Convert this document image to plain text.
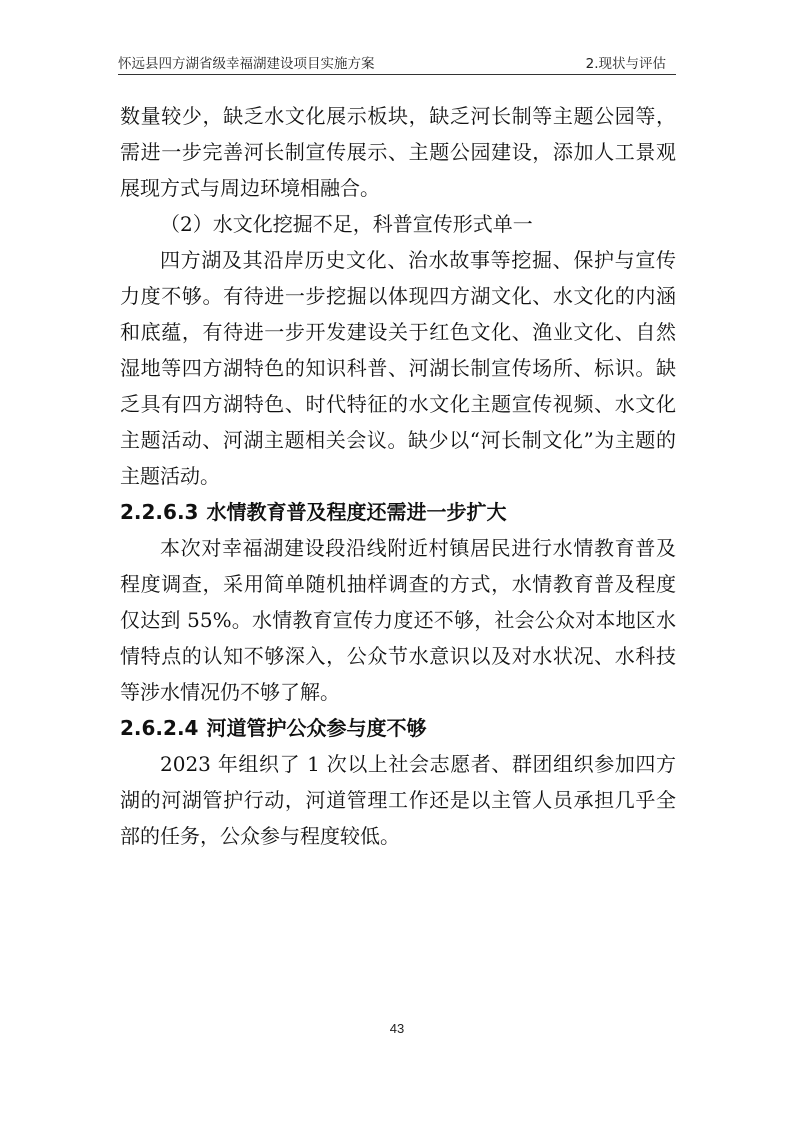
怀远县四方湖省级幸福湖建设项目实施方案	2.现状与评估

数量较少，缺乏水文化展示板块，缺乏河长制等主题公园等，需进一步完善河长制宣传展示、主题公园建设，添加人工景观展现方式与周边环境相融合。

（2）水文化挖掘不足，科普宣传形式单一

四方湖及其沿岸历史文化、治水故事等挖掘、保护与宣传力度不够。有待进一步挖掘以体现四方湖文化、水文化的内涵和底蕴，有待进一步开发建设关于红色文化、渔业文化、自然湿地等四方湖特色的知识科普、河湖长制宣传场所、标识。缺乏具有四方湖特色、时代特征的水文化主题宣传视频、水文化主题活动、河湖主题相关会议。缺少以“河长制文化”为主题的主题活动。

2.2.6.3 水情教育普及程度还需进一步扩大

本次对幸福湖建设段沿线附近村镇居民进行水情教育普及程度调查，采用简单随机抽样调查的方式，水情教育普及程度仅达到 55%。水情教育宣传力度还不够，社会公众对本地区水情特点的认知不够深入，公众节水意识以及对水状况、水科技等涉水情况仍不够了解。

2.6.2.4 河道管护公众参与度不够

2023 年组织了 1 次以上社会志愿者、群团组织参加四方湖的河湖管护行动，河道管理工作还是以主管人员承担几乎全部的任务，公众参与程度较低。

43
